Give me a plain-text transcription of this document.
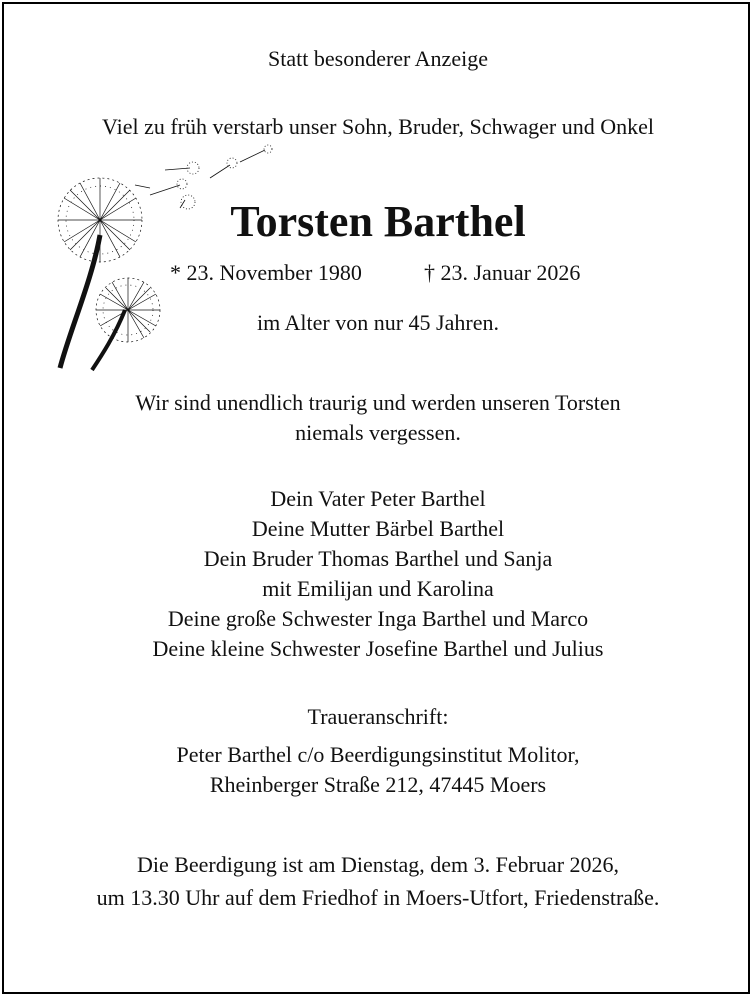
Statt besonderer Anzeige
Viel zu früh verstarb unser Sohn, Bruder, Schwager und Onkel
Torsten Barthel
* 23. November 1980	† 23. Januar 2026
im Alter von nur 45 Jahren.
Wir sind unendlich traurig und werden unseren Torsten
niemals vergessen.
Dein Vater Peter Barthel
Deine Mutter Bärbel Barthel
Dein Bruder Thomas Barthel und Sanja
mit Emilijan und Karolina
Deine große Schwester Inga Barthel und Marco
Deine kleine Schwester Josefine Barthel und Julius
Traueranschrift:
Peter Barthel c/o Beerdigungsinstitut Molitor,
Rheinberger Straße 212, 47445 Moers
Die Beerdigung ist am Dienstag, dem 3. Februar 2026,
um 13.30 Uhr auf dem Friedhof in Moers-Utfort, Friedenstraße.
